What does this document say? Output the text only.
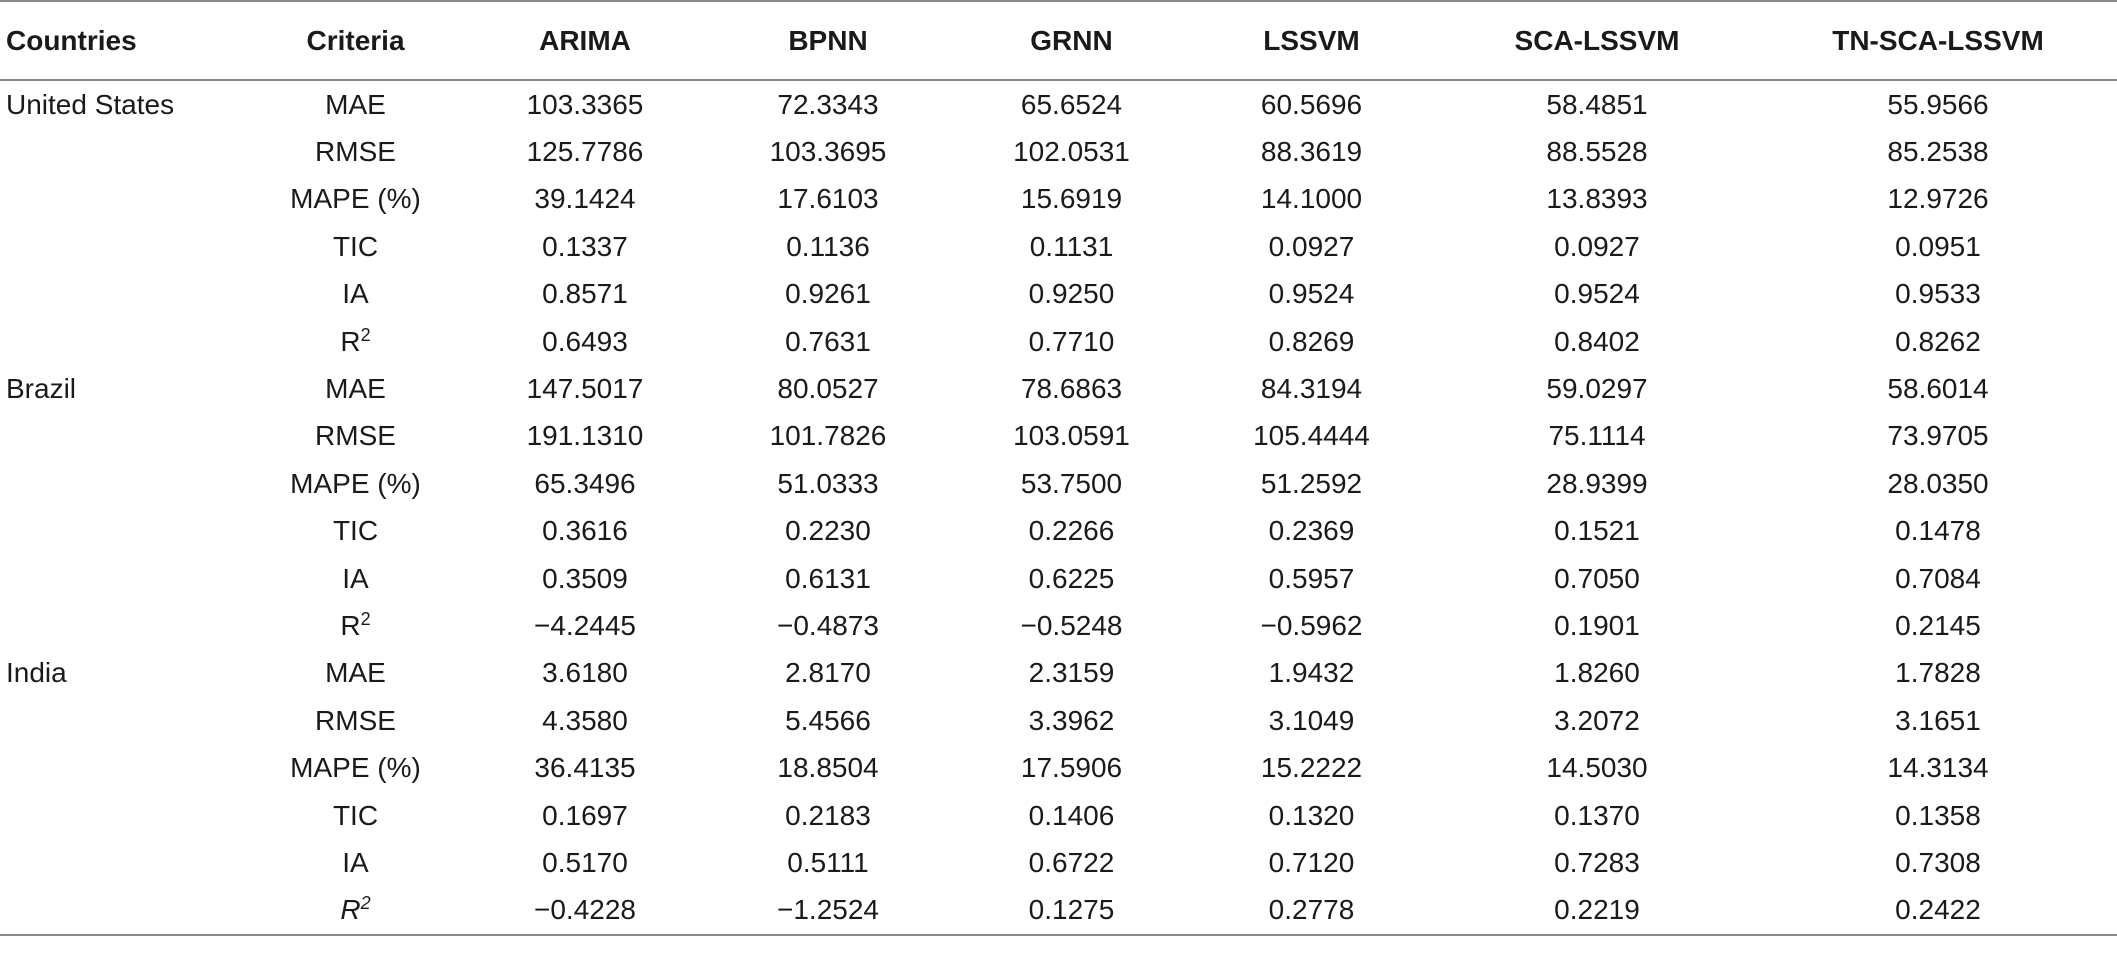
Countries	Criteria	ARIMA	BPNN	GRNN	LSSVM	SCA-LSSVM	TN-SCA-LSSVM
United States	MAE	103.3365	72.3343	65.6524	60.5696	58.4851	55.9566
	RMSE	125.7786	103.3695	102.0531	88.3619	88.5528	85.2538
	MAPE (%)	39.1424	17.6103	15.6919	14.1000	13.8393	12.9726
	TIC	0.1337	0.1136	0.1131	0.0927	0.0927	0.0951
	IA	0.8571	0.9261	0.9250	0.9524	0.9524	0.9533
	$R^2$	0.6493	0.7631	0.7710	0.8269	0.8402	0.8262
Brazil	MAE	147.5017	80.0527	78.6863	84.3194	59.0297	58.6014
	RMSE	191.1310	101.7826	103.0591	105.4444	75.1114	73.9705
	MAPE (%)	65.3496	51.0333	53.7500	51.2592	28.9399	28.0350
	TIC	0.3616	0.2230	0.2266	0.2369	0.1521	0.1478
	IA	0.3509	0.6131	0.6225	0.5957	0.7050	0.7084
	$R^2$	−4.2445	−0.4873	−0.5248	−0.5962	0.1901	0.2145
India	MAE	3.6180	2.8170	2.3159	1.9432	1.8260	1.7828
	RMSE	4.3580	5.4566	3.3962	3.1049	3.2072	3.1651
	MAPE (%)	36.4135	18.8504	17.5906	15.2222	14.5030	14.3134
	TIC	0.1697	0.2183	0.1406	0.1320	0.1370	0.1358
	IA	0.5170	0.5111	0.6722	0.7120	0.7283	0.7308
	$R^2$	−0.4228	−1.2524	0.1275	0.2778	0.2219	0.2422
